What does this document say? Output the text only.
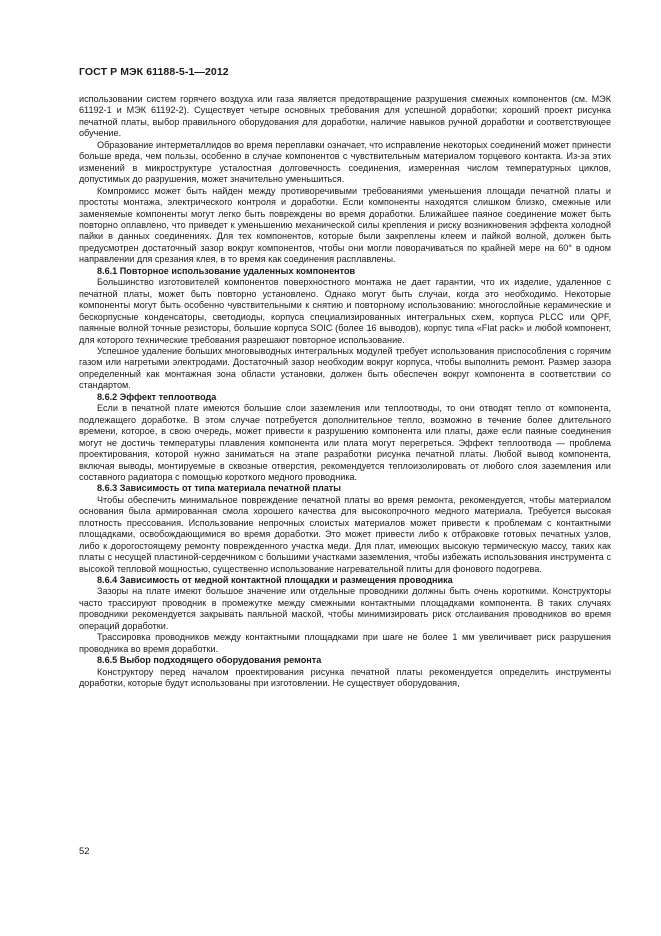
ГОСТ Р МЭК 61188-5-1—2012

использовании систем горячего воздуха или газа является предотвращение разрушения смежных компонентов (см. МЭК 61192-1 и МЭК 61192-2). Существует четыре основных требования для успешной доработки; хороший проект рисунка печатной платы, выбор правильного оборудования для доработки, наличие навыков ручной доработки и соответствующее обучение.

Образование интерметаллидов во время переплавки означает, что исправление некоторых соединений может принести больше вреда, чем пользы, особенно в случае компонентов с чувствительным материалом торцевого контакта. Из-за этих изменений в микроструктуре усталостная долговечность соединения, измеренная числом температурных циклов, допустимых до разрушения, может значительно уменьшиться.

Компромисс может быть найден между противоречивыми требованиями уменьшения площади печатной платы и простоты монтажа, электрического контроля и доработки. Если компоненты находятся слишком близко, смежные или заменяемые компоненты могут легко быть повреждены во время доработки. Ближайшее паяное соединение может быть повторно оплавлено, что приведет к уменьшению механической силы крепления и риску возникновения эффекта холодной пайки в данных соединениях. Для тех компонентов, которые были закреплены клеем и пайкой волной, должен быть предусмотрен достаточный зазор вокруг компонентов, чтобы они могли поворачиваться по крайней мере на 60° в одном направлении для срезания клея, в то время как соединения расплавлены.

8.6.1 Повторное использование удаленных компонентов

Большинство изготовителей компонентов поверхностного монтажа не дает гарантии, что их изделие, удаленное с печатной платы, может быть повторно установлено. Однако могут быть случаи, когда это необходимо. Некоторые компоненты могут быть особенно чувствительными к снятию и повторному использованию: многослойные керамические и бескорпусные конденсаторы, светодиоды, корпуса специализированных интегральных схем, корпуса PLCC или QPF, паянные волной точные резисторы, большие корпуса SOIC (более 16 выводов), корпус типа «Flat pack» и любой компонент, для которого технические требования разрешают повторное использование.

Успешное удаление больших многовыводных интегральных модулей требует использования приспособления с горячим газом или нагретыми электродами. Достаточный зазор необходим вокруг корпуса, чтобы выполнить ремонт. Размер зазора определенный как монтажная зона области установки, должен быть обеспечен вокруг компонента в соответствии со стандартом.

8.6.2 Эффект теплоотвода

Если в печатной плате имеются большие слои заземления или теплоотводы, то они отводят тепло от компонента, подлежащего доработке. В этом случае потребуется дополнительное тепло, возможно в течение более длительного времени, которое, в свою очередь, может привести к разрушению компонента или платы, даже если паяные соединения могут не достичь температуры плавления компонента или плата могут перегреться. Эффект теплоотвода — проблема проектирования, которой нужно заниматься на этапе разработки рисунка печатной платы. Любой вывод компонента, включая выводы, монтируемые в сквозные отверстия, рекомендуется теплоизолировать от любого слоя заземления или составного радиатора с помощью короткого медного проводника.

8.6.3 Зависимость от типа материала печатной платы

Чтобы обеспечить минимальное повреждение печатной платы во время ремонта, рекомендуется, чтобы материалом основания была армированная смола хорошего качества для высокопрочного медного материала. Требуется высокая плотность прессования. Использование непрочных слоистых материалов может привести к проблемам с контактными площадками, освобождающимися во время доработки. Это может привести либо к отбраковке готовых печатных узлов, либо к дорогостоящему ремонту поврежденного участка меди. Для плат, имеющих высокую термическую массу, таких как платы с несущей пластиной-сердечником с большими участками заземления, чтобы избежать использования инструмента с высокой тепловой мощностью, существенно использование нагревательной плиты для фонового подогрева.

8.6.4 Зависимость от медной контактной площадки и размещения проводника

Зазоры на плате имеют большое значение или отдельные проводники должны быть очень короткими. Конструкторы часто трассируют проводник в промежутке между смежными контактными площадками компонента. В таких случаях проводники рекомендуется закрывать паяльной маской, чтобы минимизировать риск отслаивания проводников во время операций доработки.

Трассировка проводников между контактными площадками при шаге не более 1 мм увеличивает риск разрушения проводника во время доработки.

8.6.5 Выбор подходящего оборудования ремонта

Конструктору перед началом проектирования рисунка печатной платы рекомендуется определить инструменты доработки, которые будут использованы при изготовлении. Не существует оборудования,

52
